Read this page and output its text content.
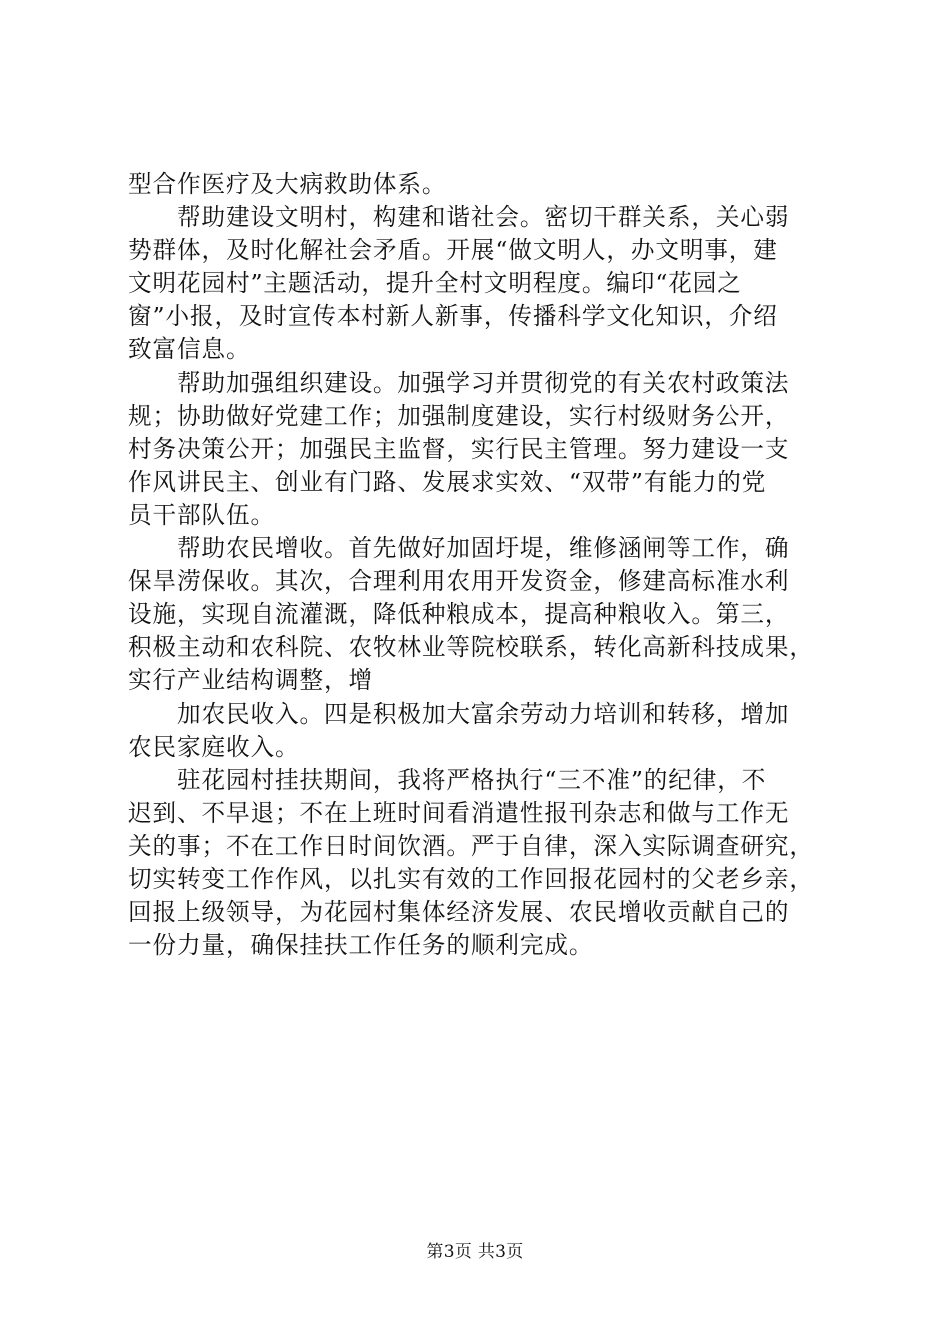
型合作医疗及大病救助体系。
　　帮助建设文明村，构建和谐社会。密切干群关系，关心弱
势群体，及时化解社会矛盾。开展“做文明人，办文明事，建
文明花园村”主题活动，提升全村文明程度。编印“花园之
窗”小报，及时宣传本村新人新事，传播科学文化知识，介绍
致富信息。
　　帮助加强组织建设。加强学习并贯彻党的有关农村政策法
规；协助做好党建工作；加强制度建设，实行村级财务公开，
村务决策公开；加强民主监督，实行民主管理。努力建设一支
作风讲民主、创业有门路、发展求实效、“双带”有能力的党
员干部队伍。
　　帮助农民增收。首先做好加固圩堤，维修涵闸等工作，确
保旱涝保收。其次，合理利用农用开发资金，修建高标准水利
设施，实现自流灌溉，降低种粮成本，提高种粮收入。第三，
积极主动和农科院、农牧林业等院校联系，转化高新科技成果，
实行产业结构调整，增
　　加农民收入。四是积极加大富余劳动力培训和转移，增加
农民家庭收入。
　　驻花园村挂扶期间，我将严格执行“三不准”的纪律，不
迟到、不早退；不在上班时间看消遣性报刊杂志和做与工作无
关的事；不在工作日时间饮酒。严于自律，深入实际调查研究，
切实转变工作作风，以扎实有效的工作回报花园村的父老乡亲，
回报上级领导，为花园村集体经济发展、农民增收贡献自己的
一份力量，确保挂扶工作任务的顺利完成。
第3页 共3页
